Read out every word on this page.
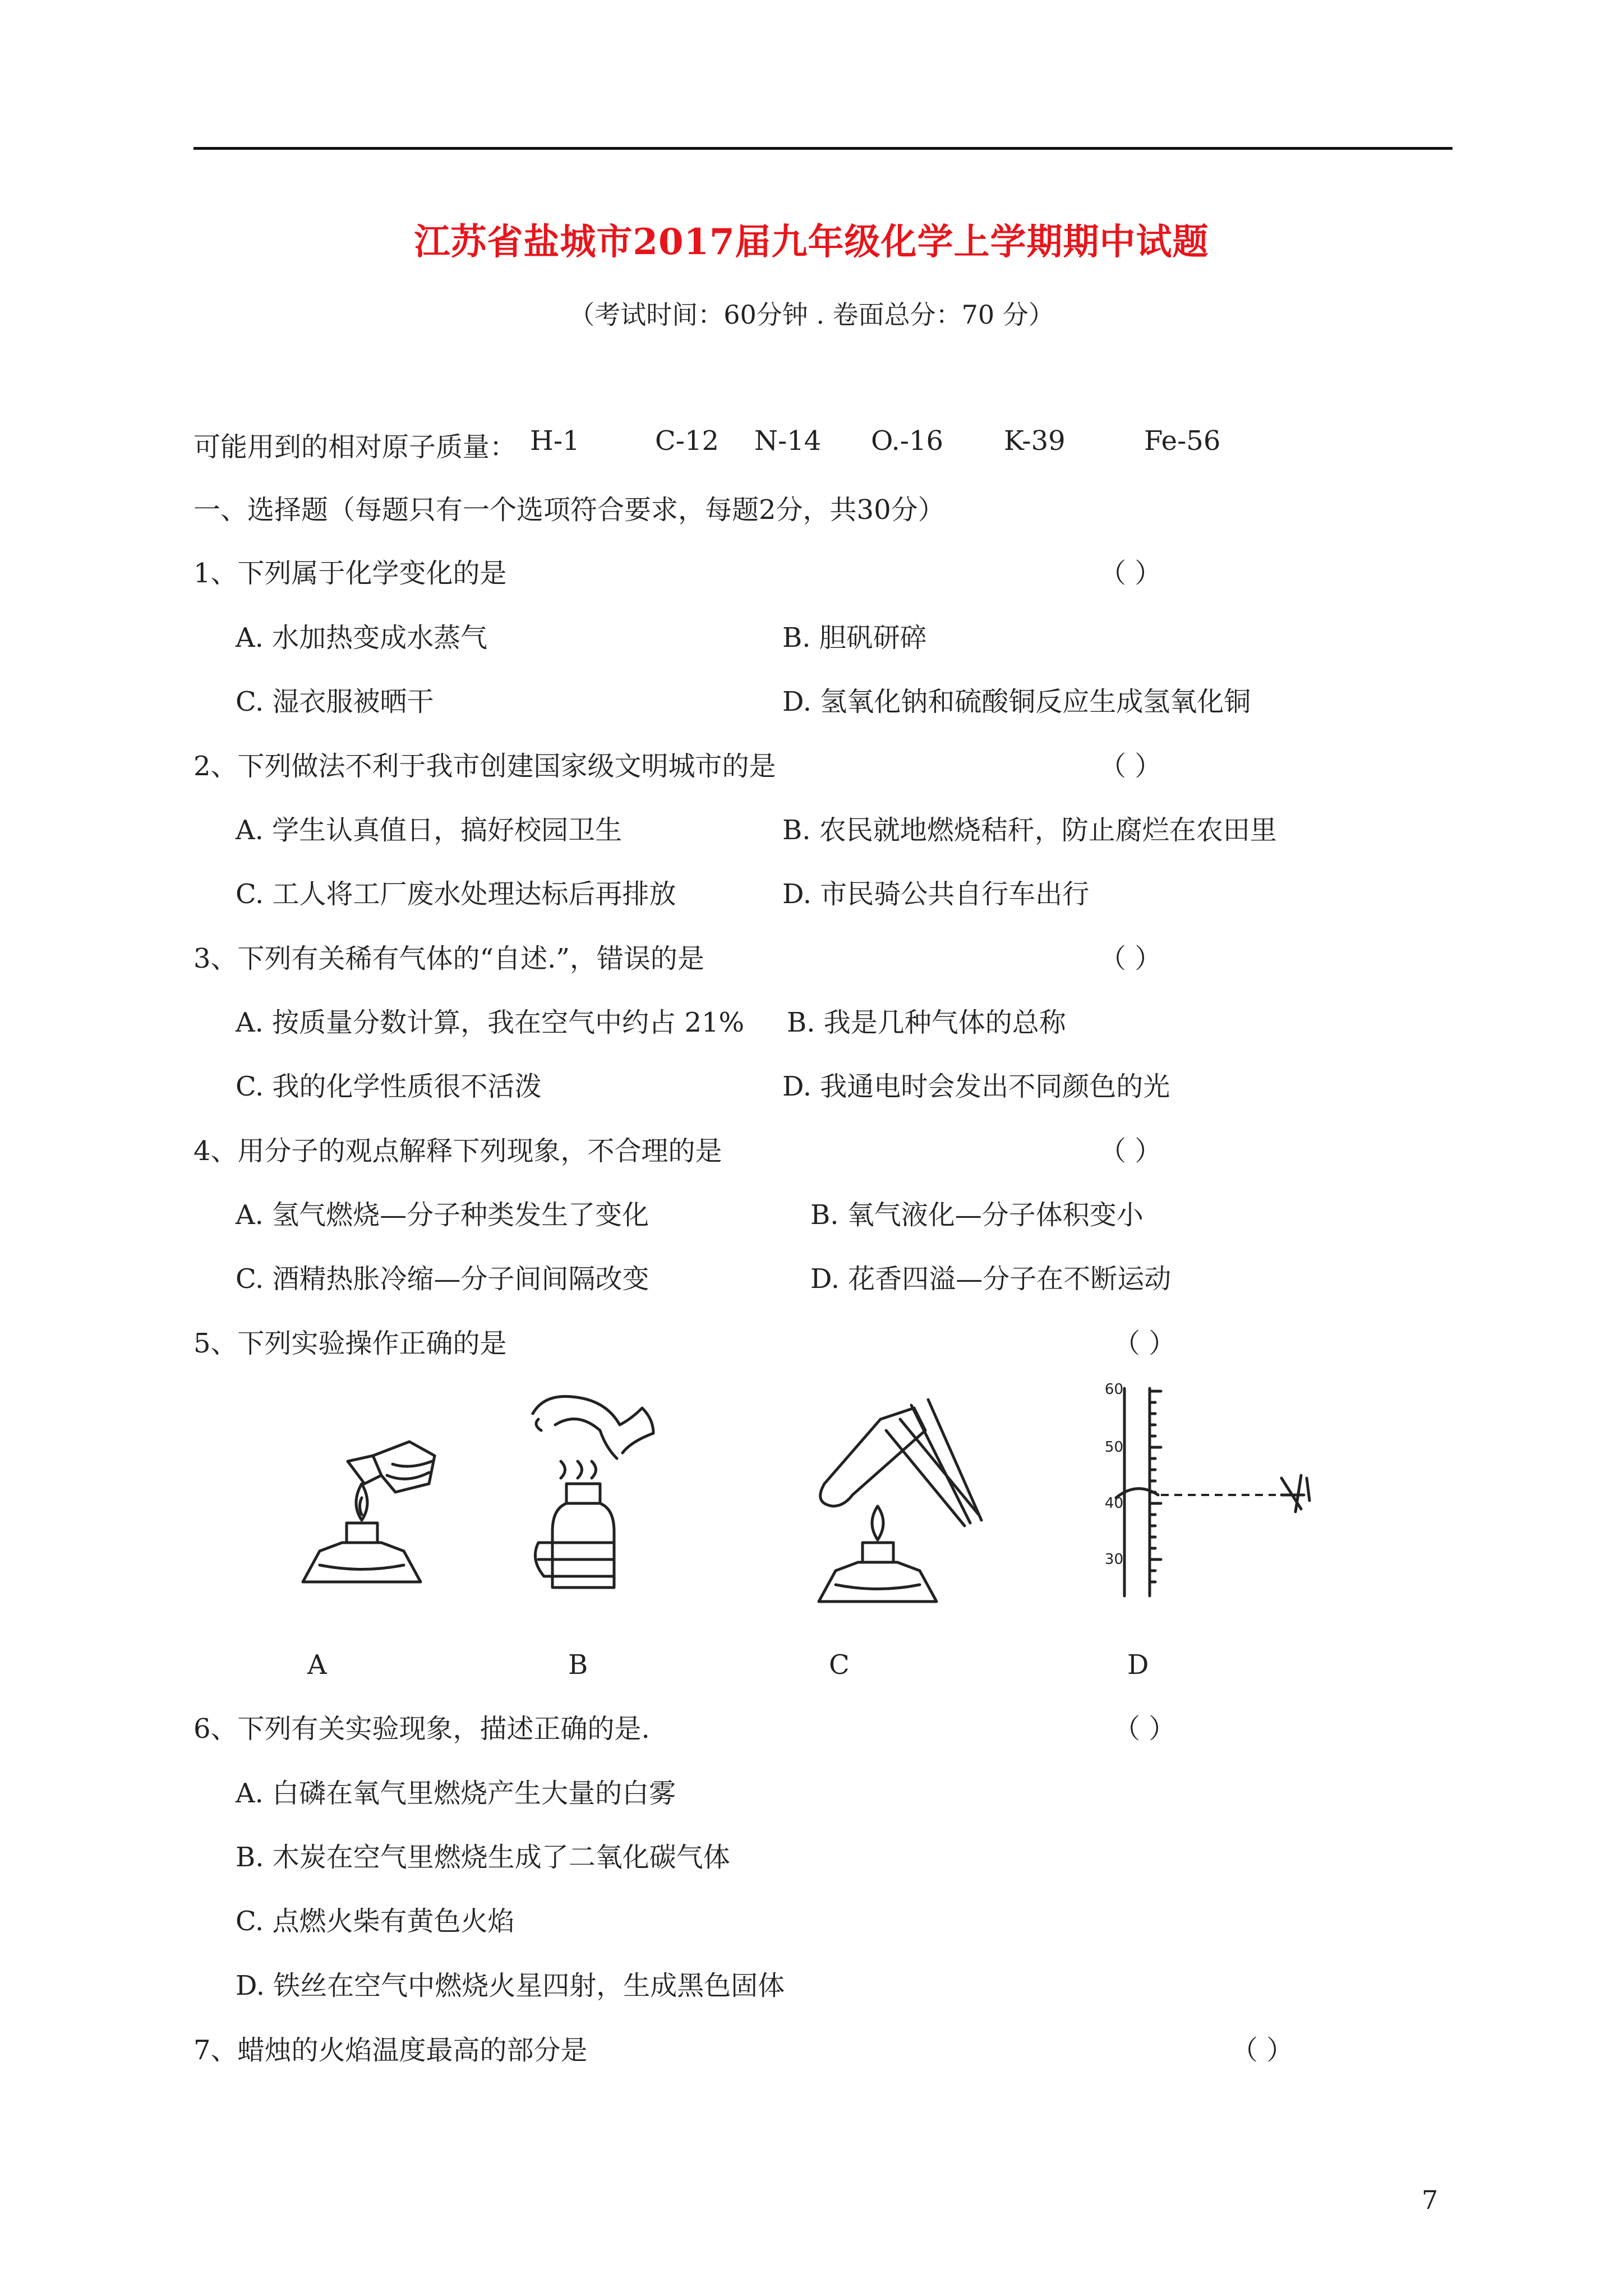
江苏省盐城市2017届九年级化学上学期期中试题
（考试时间：60分钟 . 卷面总分：70 分）
可能用到的相对原子质量： H-1	C-12 N-14 O.-16 K-39	Fe-56
一、选择题（每题只有一个选项符合要求，每题2分，共30分）
1、下列属于化学变化的是	（ ）
A. 水加热变成水蒸气	B. 胆矾研碎
C. 湿衣服被晒干	D. 氢氧化钠和硫酸铜反应生成氢氧化铜
2、下列做法不利于我市创建国家级文明城市的是	（ ）
A. 学生认真值日，搞好校园卫生	B. 农民就地燃烧秸秆，防止腐烂在农田里
C. 工人将工厂废水处理达标后再排放	D. 市民骑公共自行车出行
3、下列有关稀有气体的“自述.”，错误的是	（ ）
A. 按质量分数计算，我在空气中约占 21% B. 我是几种气体的总称
C. 我的化学性质很不活泼	D. 我通电时会发出不同颜色的光
4、用分子的观点解释下列现象，不合理的是	（ ）
A. 氢气燃烧—分子种类发生了变化	B. 氧气液化—分子体积变小
C. 酒精热胀冷缩—分子间间隔改变	D. 花香四溢—分子在不断运动
5、下列实验操作正确的是	（ ）
60
50
40
30
A	B	C	D
6、下列有关实验现象，描述正确的是.	（ ）
A. 白磷在氧气里燃烧产生大量的白雾
B. 木炭在空气里燃烧生成了二氧化碳气体
C. 点燃火柴有黄色火焰
D. 铁丝在空气中燃烧火星四射，生成黑色固体
7、蜡烛的火焰温度最高的部分是	（ ）
7
